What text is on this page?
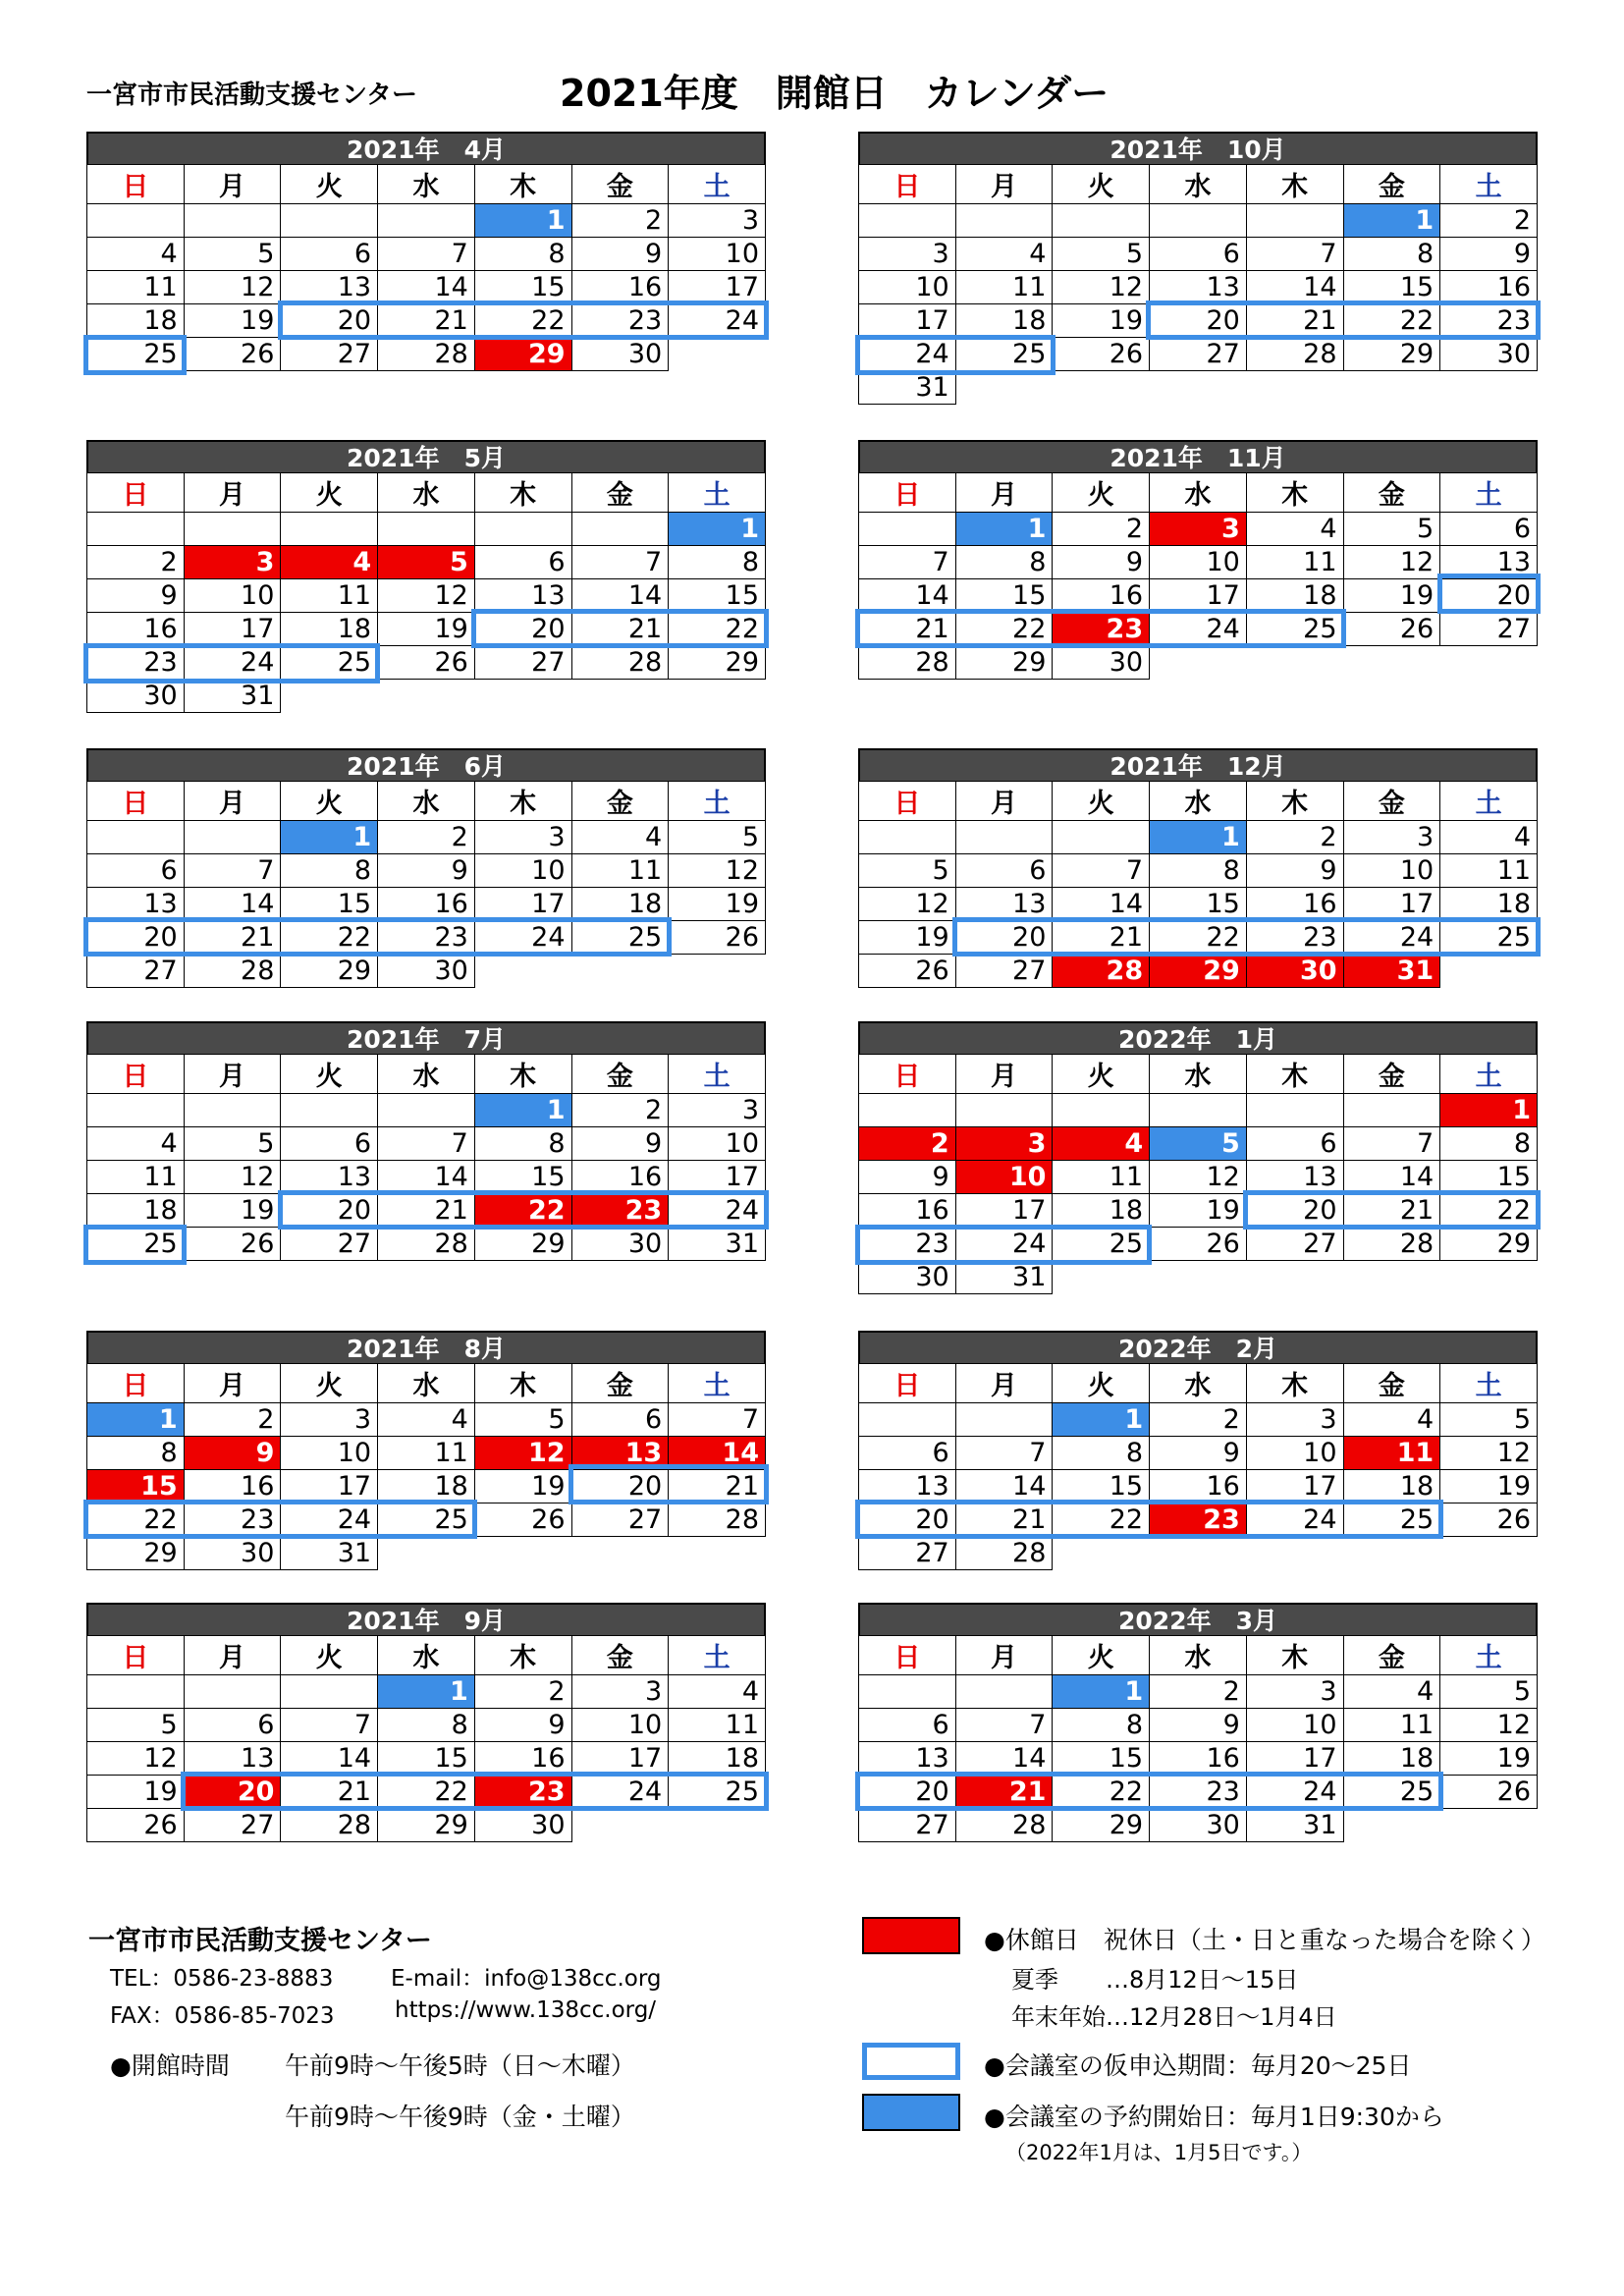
一宮市市民活動支援センター	2021年度　開館日　カレンダー
2021年　4月
日	月	火	水	木	金	土
				1	2	3
4	5	6	7	8	9	10
11	12	13	14	15	16	17
18	19	20	21	22	23	24
25	26	27	28	29	30	
2021年　5月
日	月	火	水	木	金	土
						1
2	3	4	5	6	7	8
9	10	11	12	13	14	15
16	17	18	19	20	21	22
23	24	25	26	27	28	29
30	31					
2021年　6月
日	月	火	水	木	金	土
		1	2	3	4	5
6	7	8	9	10	11	12
13	14	15	16	17	18	19
20	21	22	23	24	25	26
27	28	29	30			
2021年　7月
日	月	火	水	木	金	土
				1	2	3
4	5	6	7	8	9	10
11	12	13	14	15	16	17
18	19	20	21	22	23	24
25	26	27	28	29	30	31
2021年　8月
日	月	火	水	木	金	土
1	2	3	4	5	6	7
8	9	10	11	12	13	14
15	16	17	18	19	20	21
22	23	24	25	26	27	28
29	30	31				
2021年　9月
日	月	火	水	木	金	土
			1	2	3	4
5	6	7	8	9	10	11
12	13	14	15	16	17	18
19	20	21	22	23	24	25
26	27	28	29	30		
2021年　10月
日	月	火	水	木	金	土
					1	2
3	4	5	6	7	8	9
10	11	12	13	14	15	16
17	18	19	20	21	22	23
24	25	26	27	28	29	30
31						
2021年　11月
日	月	火	水	木	金	土
	1	2	3	4	5	6
7	8	9	10	11	12	13
14	15	16	17	18	19	20
21	22	23	24	25	26	27
28	29	30				
2021年　12月
日	月	火	水	木	金	土
			1	2	3	4
5	6	7	8	9	10	11
12	13	14	15	16	17	18
19	20	21	22	23	24	25
26	27	28	29	30	31	
2022年　1月
日	月	火	水	木	金	土
						1
2	3	4	5	6	7	8
9	10	11	12	13	14	15
16	17	18	19	20	21	22
23	24	25	26	27	28	29
30	31					
2022年　2月
日	月	火	水	木	金	土
		1	2	3	4	5
6	7	8	9	10	11	12
13	14	15	16	17	18	19
20	21	22	23	24	25	26
27	28					
2022年　3月
日	月	火	水	木	金	土
		1	2	3	4	5
6	7	8	9	10	11	12
13	14	15	16	17	18	19
20	21	22	23	24	25	26
27	28	29	30	31		
一宮市市民活動支援センター
TEL：0586-23-8883	E-mail：info@138cc.org
FAX：0586-85-7023	https://www.138cc.org/
●開館時間 午前9時～午後5時（日～木曜）
午前9時～午後9時（金・土曜）
●休館日　祝休日（土・日と重なった場合を除く）
夏季　　…8月12日～15日
年末年始…12月28日～1月4日
●会議室の仮申込期間：毎月20～25日
●会議室の予約開始日：毎月1日9:30から
（2022年1月は、1月5日です。）
